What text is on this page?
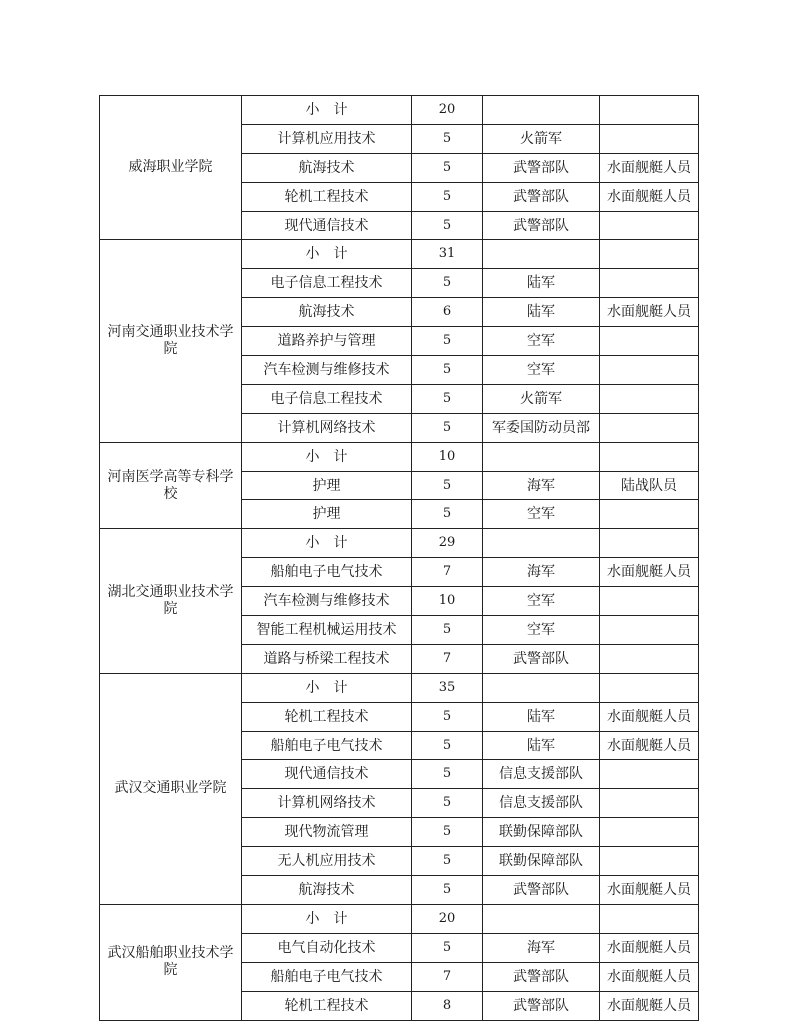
威海职业学院	小　计	20		
	计算机应用技术	5	火箭军	
	航海技术	5	武警部队	水面舰艇人员
	轮机工程技术	5	武警部队	水面舰艇人员
	现代通信技术	5	武警部队	
河南交通职业技术学院	小　计	31		
	电子信息工程技术	5	陆军	
	航海技术	6	陆军	水面舰艇人员
	道路养护与管理	5	空军	
	汽车检测与维修技术	5	空军	
	电子信息工程技术	5	火箭军	
	计算机网络技术	5	军委国防动员部	
河南医学高等专科学校	小　计	10		
	护理	5	海军	陆战队员
	护理	5	空军	
湖北交通职业技术学院	小　计	29		
	船舶电子电气技术	7	海军	水面舰艇人员
	汽车检测与维修技术	10	空军	
	智能工程机械运用技术	5	空军	
	道路与桥梁工程技术	7	武警部队	
武汉交通职业学院	小　计	35		
	轮机工程技术	5	陆军	水面舰艇人员
	船舶电子电气技术	5	陆军	水面舰艇人员
	现代通信技术	5	信息支援部队	
	计算机网络技术	5	信息支援部队	
	现代物流管理	5	联勤保障部队	
	无人机应用技术	5	联勤保障部队	
	航海技术	5	武警部队	水面舰艇人员
武汉船舶职业技术学院	小　计	20		
	电气自动化技术	5	海军	水面舰艇人员
	船舶电子电气技术	7	武警部队	水面舰艇人员
	轮机工程技术	8	武警部队	水面舰艇人员
